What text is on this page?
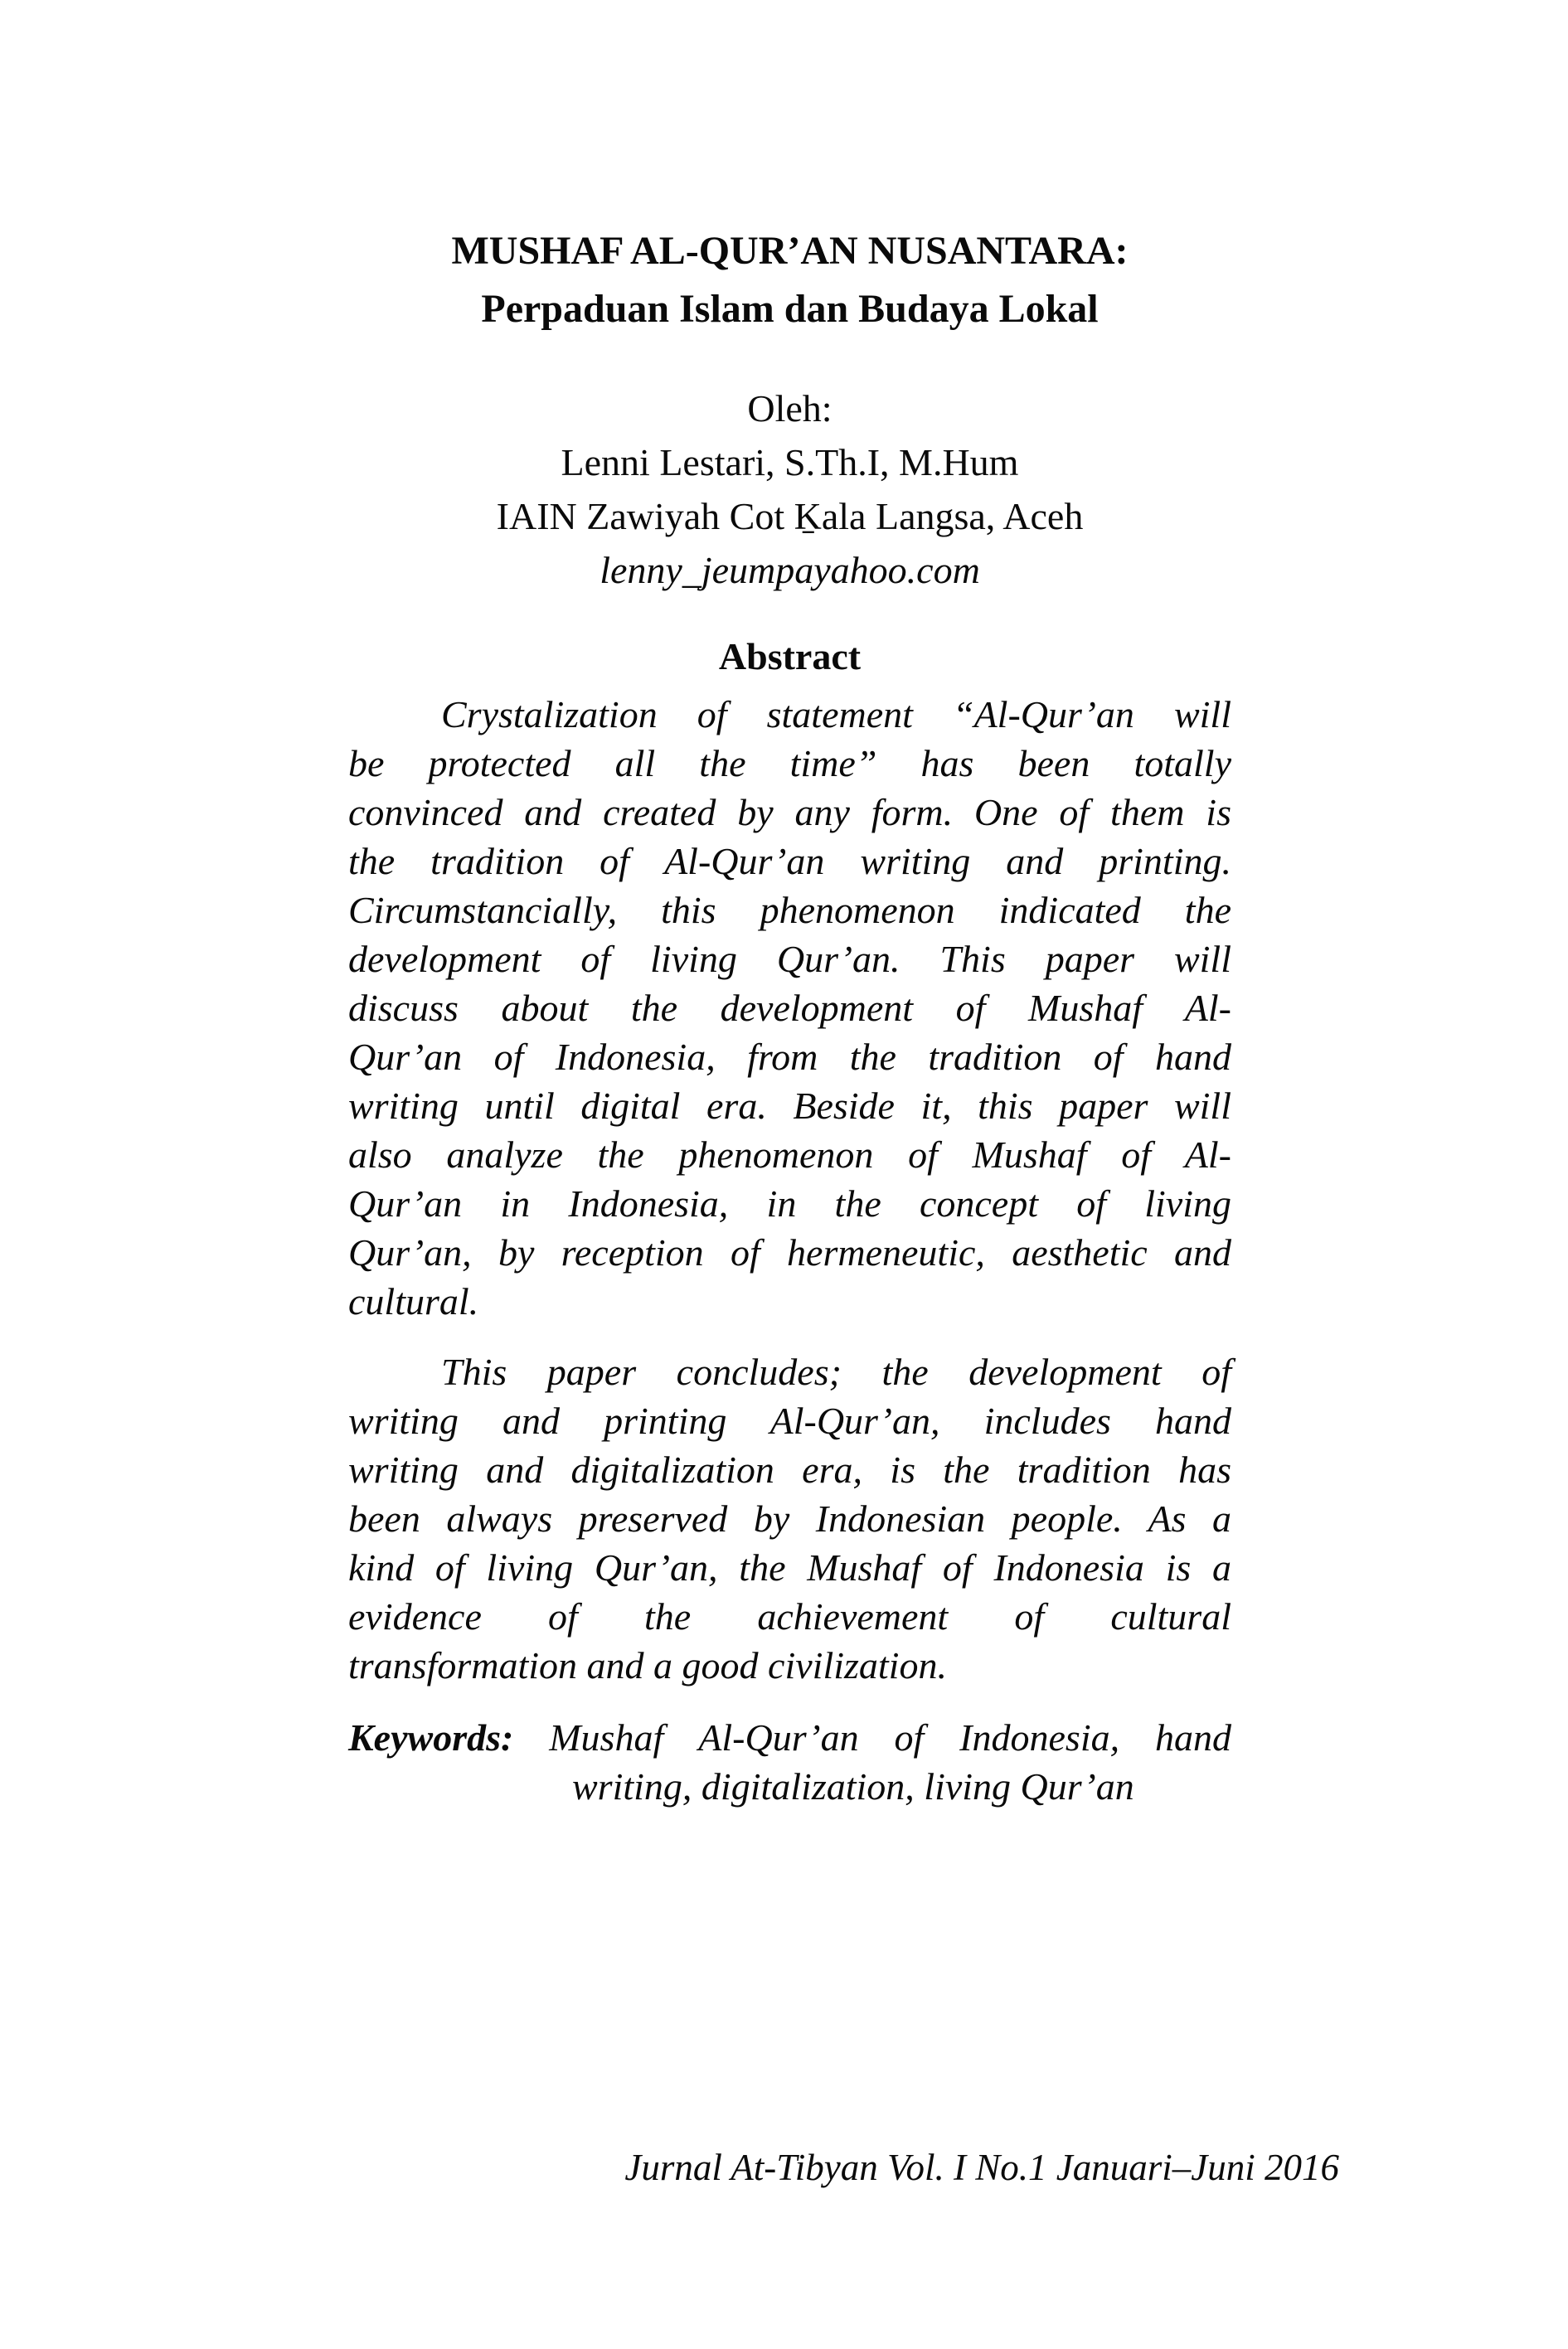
MUSHAF AL-QUR’AN NUSANTARA:
Perpaduan Islam dan Budaya Lokal
Oleh:
Lenni Lestari, S.Th.I, M.Hum
IAIN Zawiyah Cot Ḵala Langsa, Aceh
lenny_jeumpayahoo.com
Abstract
Crystalization of statement “Al-Qur’an will
be protected all the time” has been totally
convinced and created by any form. One of them is
the tradition of Al-Qur’an writing and printing.
Circumstancially, this phenomenon indicated the
development of living Qur’an. This paper will
discuss about the development of Mushaf Al-
Qur’an of Indonesia, from the tradition of hand
writing until digital era. Beside it, this paper will
also analyze the phenomenon of Mushaf of Al-
Qur’an in Indonesia, in the concept of living
Qur’an, by reception of hermeneutic, aesthetic and
cultural.
This paper concludes; the development of
writing and printing Al-Qur’an, includes hand
writing and digitalization era, is the tradition has
been always preserved by Indonesian people. As a
kind of living Qur’an, the Mushaf of Indonesia is a
evidence of the achievement of cultural
transformation and a good civilization.
Keywords: Mushaf Al-Qur’an of Indonesia, hand
writing, digitalization, living Qur’an
Jurnal At-Tibyan Vol. I No.1 Januari–Juni 2016
